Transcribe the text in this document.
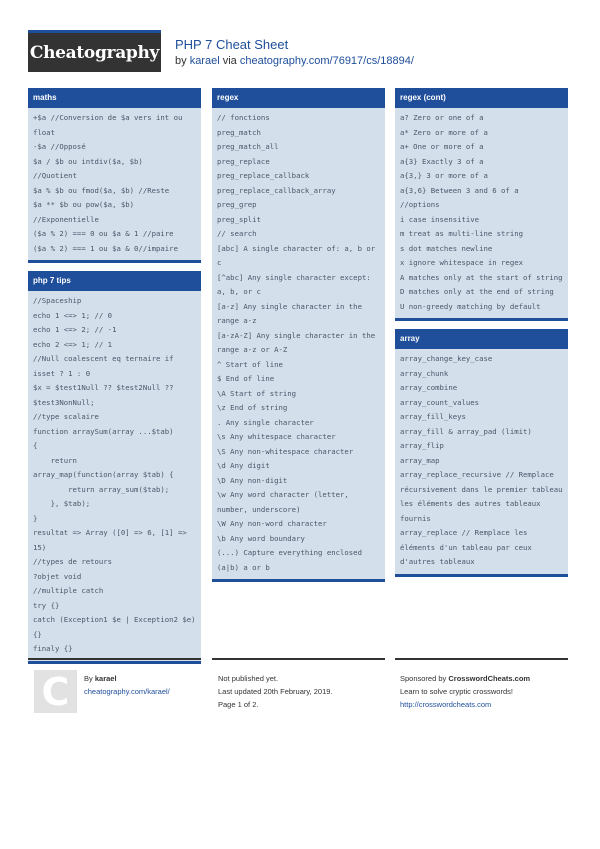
Cheatography PHP 7 Cheat Sheet
by karael via cheatography.com/76917/cs/18894/
maths
+$a //Conversion de $a vers int ou float
-$a //Opposé
$a / $b ou intdiv($a, $b)
//Quotient
$a % $b ou fmod($a, $b) //Reste
$a ** $b ou pow($a, $b)
//Exponentielle
($a % 2) === 0 ou $a & 1 //paire
($a % 2) === 1 ou $a & 0//impaire
php 7 tips
//Spaceship
echo 1 <=> 1; // 0
echo 1 <=> 2; // -1
echo 2 <=> 1; // 1
//Null coalescent eq ternaire if isset ? 1 : 0
$x = $test1Null ?? $test2Null ?? $test3NonNull;
//type scalaire
function arraySum(array ...$tab)
{
return
array_map(function(array $tab) {
return array_sum($tab);
}, $tab);
}
resultat => Array ([0] => 6, [1] => 15)
//types de retours
?objet void
//multiple catch
try {}
catch (Exception1 $e | Exception2 $e){}
finaly {}
regex
// fonctions
preg_match
preg_match_all
preg_replace
preg_replace_callback
preg_replace_callback_array
preg_grep
preg_split
// search
[abc] A single character of: a, b or c
[^abc] Any single character except: a, b, or c
[a-z] Any single character in the range a-z
[a-zA-Z] Any single character in the range a-z or A-Z
^ Start of line
$ End of line
\A Start of string
\z End of string
. Any single character
\s Any whitespace character
\S Any non-whitespace character
\d Any digit
\D Any non-digit
\w Any word character (letter, number, underscore)
\W Any non-word character
\b Any word boundary
(...) Capture everything enclosed
(a|b) a or b
regex (cont)
a? Zero or one of a
a* Zero or more of a
a+ One or more of a
a{3} Exactly 3 of a
a{3,} 3 or more of a
a{3,6} Between 3 and 6 of a
//options
i case insensitive
m treat as multi-line string
s dot matches newline
x ignore whitespace in regex
A matches only at the start of string
D matches only at the end of string
U non-greedy matching by default
array
array_change_key_case
array_chunk
array_combine
array_count_values
array_fill_keys
array_fill & array_pad (limit)
array_flip
array_map
array_replace_recursive // Remplace récursivement dans le premier tableau les éléments des autres tableaux fournis
array_replace // Remplace les éléments d'un tableau par ceux d'autres tableaux
C By karael
cheatography.com/karael/
Not published yet.
Last updated 20th February, 2019.
Page 1 of 2.
Sponsored by CrosswordCheats.com
Learn to solve cryptic crosswords!
http://crosswordcheats.com
